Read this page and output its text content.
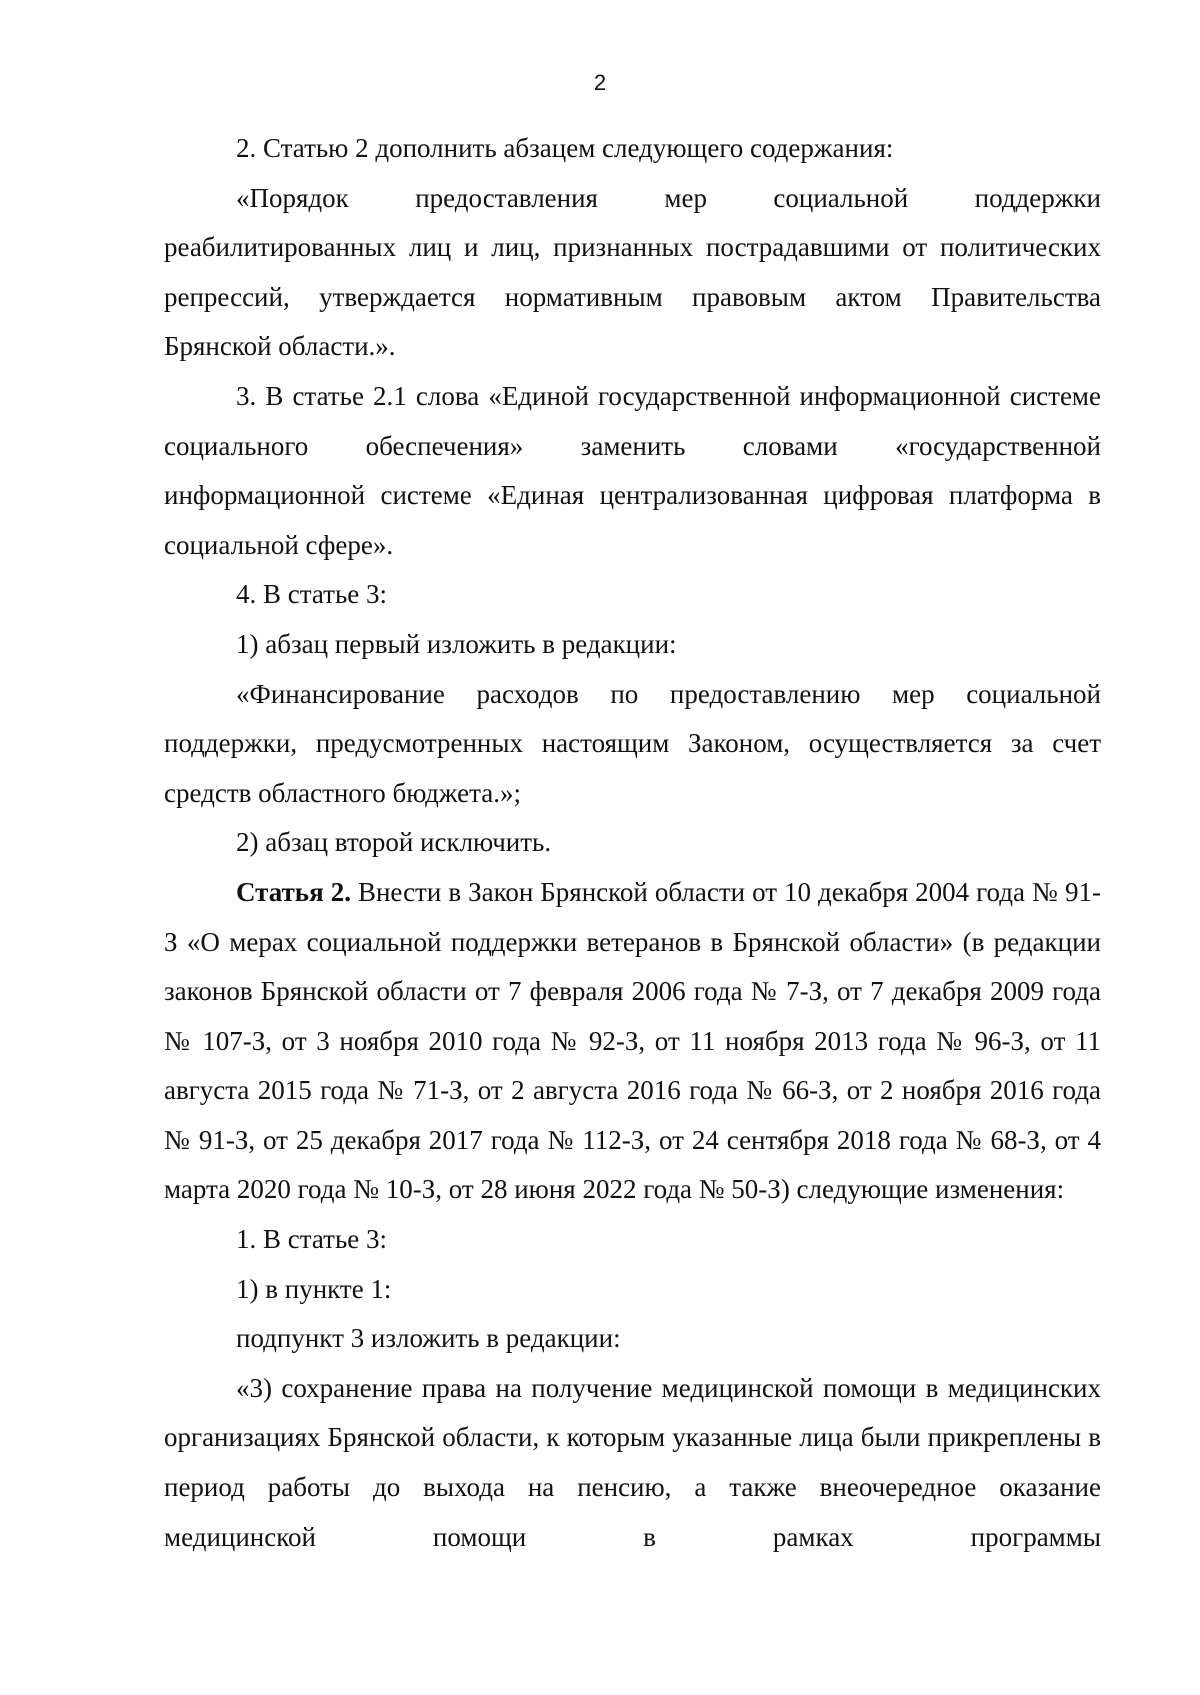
2

2. Статью 2 дополнить абзацем следующего содержания:

«Порядок предоставления мер социальной поддержки реабилитированных лиц и лиц, признанных пострадавшими от политических репрессий, утверждается нормативным правовым актом Правительства Брянской области.».

3. В статье 2.1 слова «Единой государственной информационной системе социального обеспечения» заменить словами «государственной информационной системе «Единая централизованная цифровая платформа в социальной сфере».

4. В статье 3:

1) абзац первый изложить в редакции:

«Финансирование расходов по предоставлению мер социальной поддержки, предусмотренных настоящим Законом, осуществляется за счет средств областного бюджета.»;

2) абзац второй исключить.

Статья 2. Внести в Закон Брянской области от 10 декабря 2004 года № 91-З «О мерах социальной поддержки ветеранов в Брянской области» (в редакции законов Брянской области от 7 февраля 2006 года № 7-З, от 7 декабря 2009 года № 107-З, от 3 ноября 2010 года № 92-З, от 11 ноября 2013 года № 96-З, от 11 августа 2015 года № 71-З, от 2 августа 2016 года № 66-З, от 2 ноября 2016 года № 91-З, от 25 декабря 2017 года № 112-З, от 24 сентября 2018 года № 68-З, от 4 марта 2020 года № 10-З, от 28 июня 2022 года № 50-З) следующие изменения:

1. В статье 3:

1) в пункте 1:

подпункт 3 изложить в редакции:

«3) сохранение права на получение медицинской помощи в медицинских организациях Брянской области, к которым указанные лица были прикреплены в период работы до выхода на пенсию, а также внеочередное оказание медицинской помощи в рамках программы
